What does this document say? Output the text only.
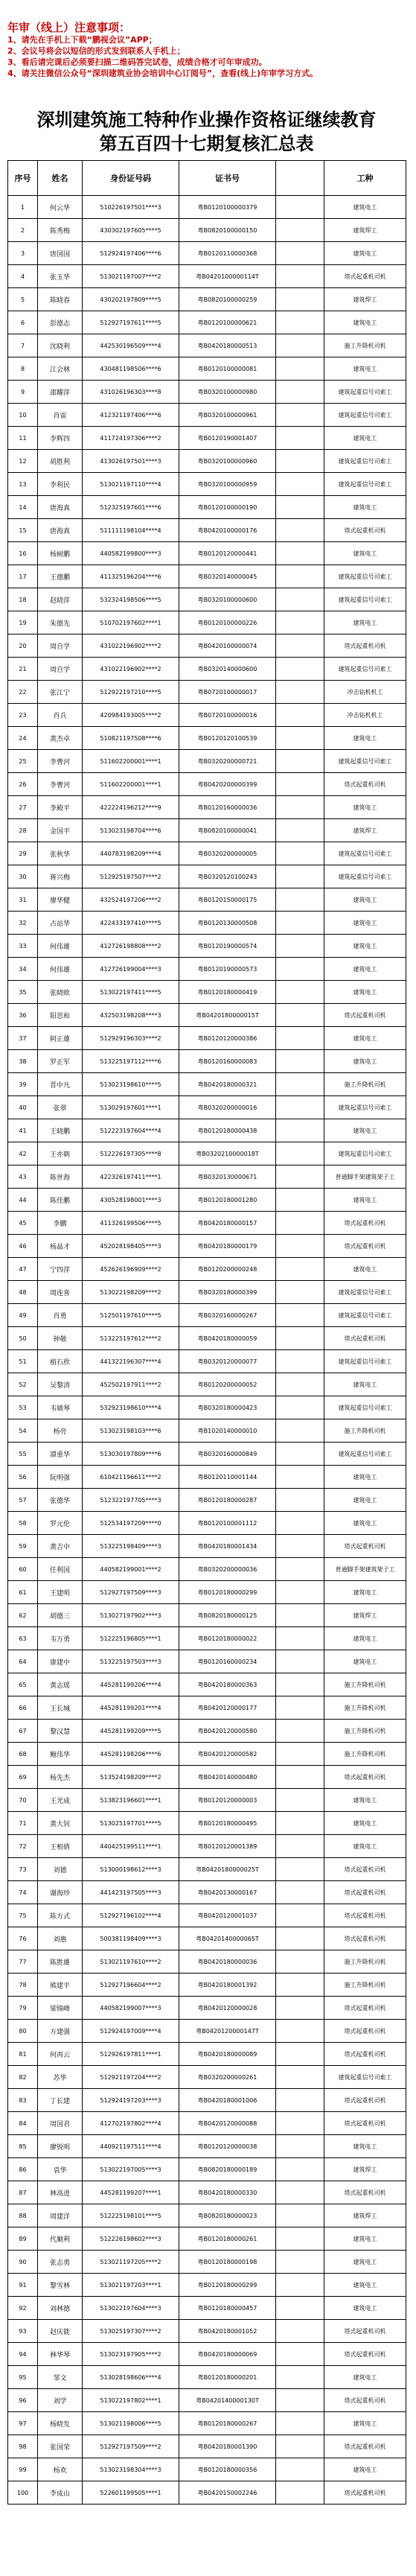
年审（线上）注意事项：
1、请先在手机上下载“鹏视会议”APP；
2、会议号将会以短信的形式发到联系人手机上；
3、看后请完课后必须要扫描二维码答完试卷，成绩合格才可年审成功。
4、请关注微信公众号“深圳建筑业协会培训中心订阅号”，查看(线上)年审学习方式。
深圳建筑施工特种作业操作资格证继续教育
第五百四十七期复核汇总表
序号	姓名	身份证号码	证书号		工种
1	何云华	510226197501****3	粤B0120100000379		建筑电工
2	陈秀梅	430302197605****5	粤B0820100000150		建筑焊工
3	唐国国	512924197406****6	粤B0120110000368		建筑电工
4	张玉华	513021197007****2	粤B0420100000114T		塔式起重机司机
5	陈晓春	430202197809****5	粤B0820100000259		建筑焊工
6	彭德志	512927197611****5	粤B0120100000621		建筑电工
7	沈晓利	442530196509****4	粤B0420180000513		施工升降机司机
8	江会林	430481198506****6	粤B0120100000081		建筑电工
9	邵耀萍	431026196303****8	粤B0320100000980		建筑起重信号司索工
10	肖雷	412321197406****6	粤B0320100000961		建筑起重信号司索工
11	李辉四	411724197306****2	粤B0120190001407		建筑电工
12	胡胜利	413026197501****3	粤B0320100000960		建筑起重信号司索工
13	李利民	513021197110****4	粤B0320100000959		建筑起重信号司索工
14	唐海真	512325197601****6	粤B0120100000190		建筑电工
15	唐海真	511111198104****4	粤B0420100000176		塔式起重机司机
16	杨树鹏	440582199800****3	粤B0120120000441		建筑电工
17	王德鹏	411325196204****6	粤B0320140000045		建筑起重信号司索工
18	赵晓萍	532324198506****5	粤B0320100000600		建筑起重信号司索工
19	朱德先	510702197602****1	粤B0120100000226		建筑电工
20	周自学	431022196902****2	粤B0420100000074		塔式起重机司机
21	周自学	431022196902****2	粤B0320140000600		建筑起重信号司索工
22	张江宁	512922197210****5	粤B0720100000017		冲击钻机机工
23	肖兵	420984193005****2	粤B0720100000016		冲击钻机机工
24	黄杰卓	510821197508****6	粤B0120120100539		建筑电工
25	李曹河	511602200001****1	粤B0320200000721		建筑起重信号司索工
26	李曹河	511602200001****1	粤B0420200000399		塔式起重机司机
27	李殿平	422224196212****9	粤B0120160000036		建筑电工
28	金国平	513023198704****6	粤B0820100000041		建筑焊工
29	张秋华	440783198209****4	粤B0320200000005		建筑起重信号司索工
30	蒋兴梅	512925197507****2	粤B0320120100243		建筑起重信号司索工
31	廖华健	432524197206****2	粤B0120150000175		建筑电工
32	占站华	422433197410****5	粤B0120130000508		建筑电工
33	何伟雄	412726198808****2	粤B0120190000574		建筑电工
34	何伟雄	412726199004****3	粤B0120190000573		建筑电工
35	张晓欧	513022197411****5	粤B0120180000419		建筑电工
36	阳思和	432503198208****3	粤B0420180000015T		塔式起重机司机
37	阿正雄	512929196303****2	粤B0120120000386		建筑电工
38	罗正军	513225197112****6	粤B0120160000083		建筑电工
39	晋中凡	513023198610****5	粤B0420180000321		施工升降机司机
40	张翠	513029197601****1	粤B0320200000016		建筑起重信号司索工
41	王晓鹏	512223197604****4	粤B0120180000438		建筑电工
42	王亦朝	512226197305****8	粤B0320210000018T		建筑起重信号司索工
43	陈世海	422326197411****1	粤B0320130000671		普通脚手架建筑架子工
44	陈佳鹏	430528198001****3	粤B0120180001280		建筑电工
45	李鹏	411326199506****5	粤B0420180000157		塔式起重机司机
46	杨晶才	452028198405****3	粤B0420180000179		塔式起重机司机
47	宁四萍	452626196909****2	粤B0120200000248		建筑电工
48	周连喜	513022198209****2	粤B0320180000399		建筑起重信号司索工
49	肖勇	512501197610****5	粤B0320160000267		建筑起重信号司索工
50	钟敬	513225197612****2	粤B0420180000059		塔式起重机司机
51	植石欣	441322196307****4	粤B0320120000077		建筑起重信号司索工
52	吴黎清	452502197911****2	粤B0120200000052		建筑电工
53	韦婧琴	532923198610****4	粤B0320180000423		建筑起重信号司索工
54	杨亮	513023198103****6	粤B1020140000010		施工升降机司机
55	谭重华	513030197809****6	粤B0320160000849		建筑起重信号司索工
56	阮明强	610421196611****2	粤B0120110001144		建筑电工
57	张德华	512322197705****3	粤B0120180000287		建筑电工
58	罗元伦	512534197209****0	粤B0120100001112		建筑电工
59	黄吉中	513225198409****3	粤B0420180001434		塔式起重机司机
60	任利国	440582199001****2	粤B0320200000036		普通脚手架建筑架子工
61	王建明	512927197509****3	粤B0120180000299		建筑电工
62	胡德三	513027197902****3	粤B0820180000125		建筑焊工
63	韦万勇	512225196805****1	粤B0120180000022		建筑电工
64	康建中	513225197503****3	粤B0120160000234		建筑电工
65	黄志瑶	445281199206****4	粤B0420180000363		施工升降机司机
66	王长城	445281199201****4	粤B0420120000177		施工升降机司机
67	黎汉慧	445281199209****5	粤B0420120000580		施工升降机司机
68	鲍伟华	445281198206****6	粤B0420120000582		施工升降机司机
69	杨先杰	513524198209****2	粤B0420140000480		塔式起重机司机
70	王光成	513823196601****1	粤B0120120000003		建筑电工
71	黄大钊	513025197701****5	粤B0120180000495		建筑电工
72	王相倩	440425199511****1	粤B0120120001389		建筑电工
73	刘德	513000198612****3	粤B0420180000025T		塔式起重机司机
74	谢海珍	441423197505****3	粤B0420130000167		塔式起重机司机
75	陈方式	512927196102****4	粤B0420120001037		塔式起重机司机
76	刘惠	500381198409****3	粤B0420140000065T		塔式起重机司机
77	陈胜雄	513021197610****2	粤B0420180000036		施工升降机司机
78	熊建平	512927196604****2	粤B0420180001392		施工升降机司机
79	梁锦峰	440582199007****3	粤B0420120000028		塔式起重机司机
80	方建强	512924197009****4	粤B0420120000147T		塔式起重机司机
81	何再云	512926197811****1	粤B0420180000089		塔式起重机司机
82	苏华	512921197204****2	粤B0320200000261		建筑起重信号司索工
83	丁长建	512924197203****3	粤B0420180001006		塔式起重机司机
84	周国君	412702197802****4	粤B0420120000088		塔式起重机司机
85	廖锐明	440921197511****4	粤B0120120000038		建筑电工
86	袁华	513022197005****3	粤B0820180000189		建筑焊工
87	林高进	445281199207****1	粤B0420180000330		塔式起重机司机
88	周建洋	512225198101****5	粤B0820180000023		建筑焊工
89	代顺利	512226198602****3	粤B0120180000261		建筑电工
90	张志勇	513021197205****2	粤B0120180000198		建筑电工
91	黎雪林	513021197203****1	粤B0120180000299		建筑电工
92	刘林德	513022197604****3	粤B0120180000457		建筑电工
93	赵庆能	513025197307****2	粤B0420180001052		塔式起重机司机
94	林华琴	513023197905****2	粤B0420180000069		塔式起重机司机
95	邹文	513028198606****4	粤B0120180000201		建筑电工
96	刘学	513022197802****1	粤B0420140000130T		塔式起重机司机
97	杨晓发	513021198006****5	粤B0120180000267		建筑电工
98	张国荣	512927197509****2	粤B0420180001390		塔式起重机司机
99	杨欢	513023198304****3	粤B0120180000356		建筑电工
100	李成山	522601199505****1	粤B0420150002246		塔式起重机司机
